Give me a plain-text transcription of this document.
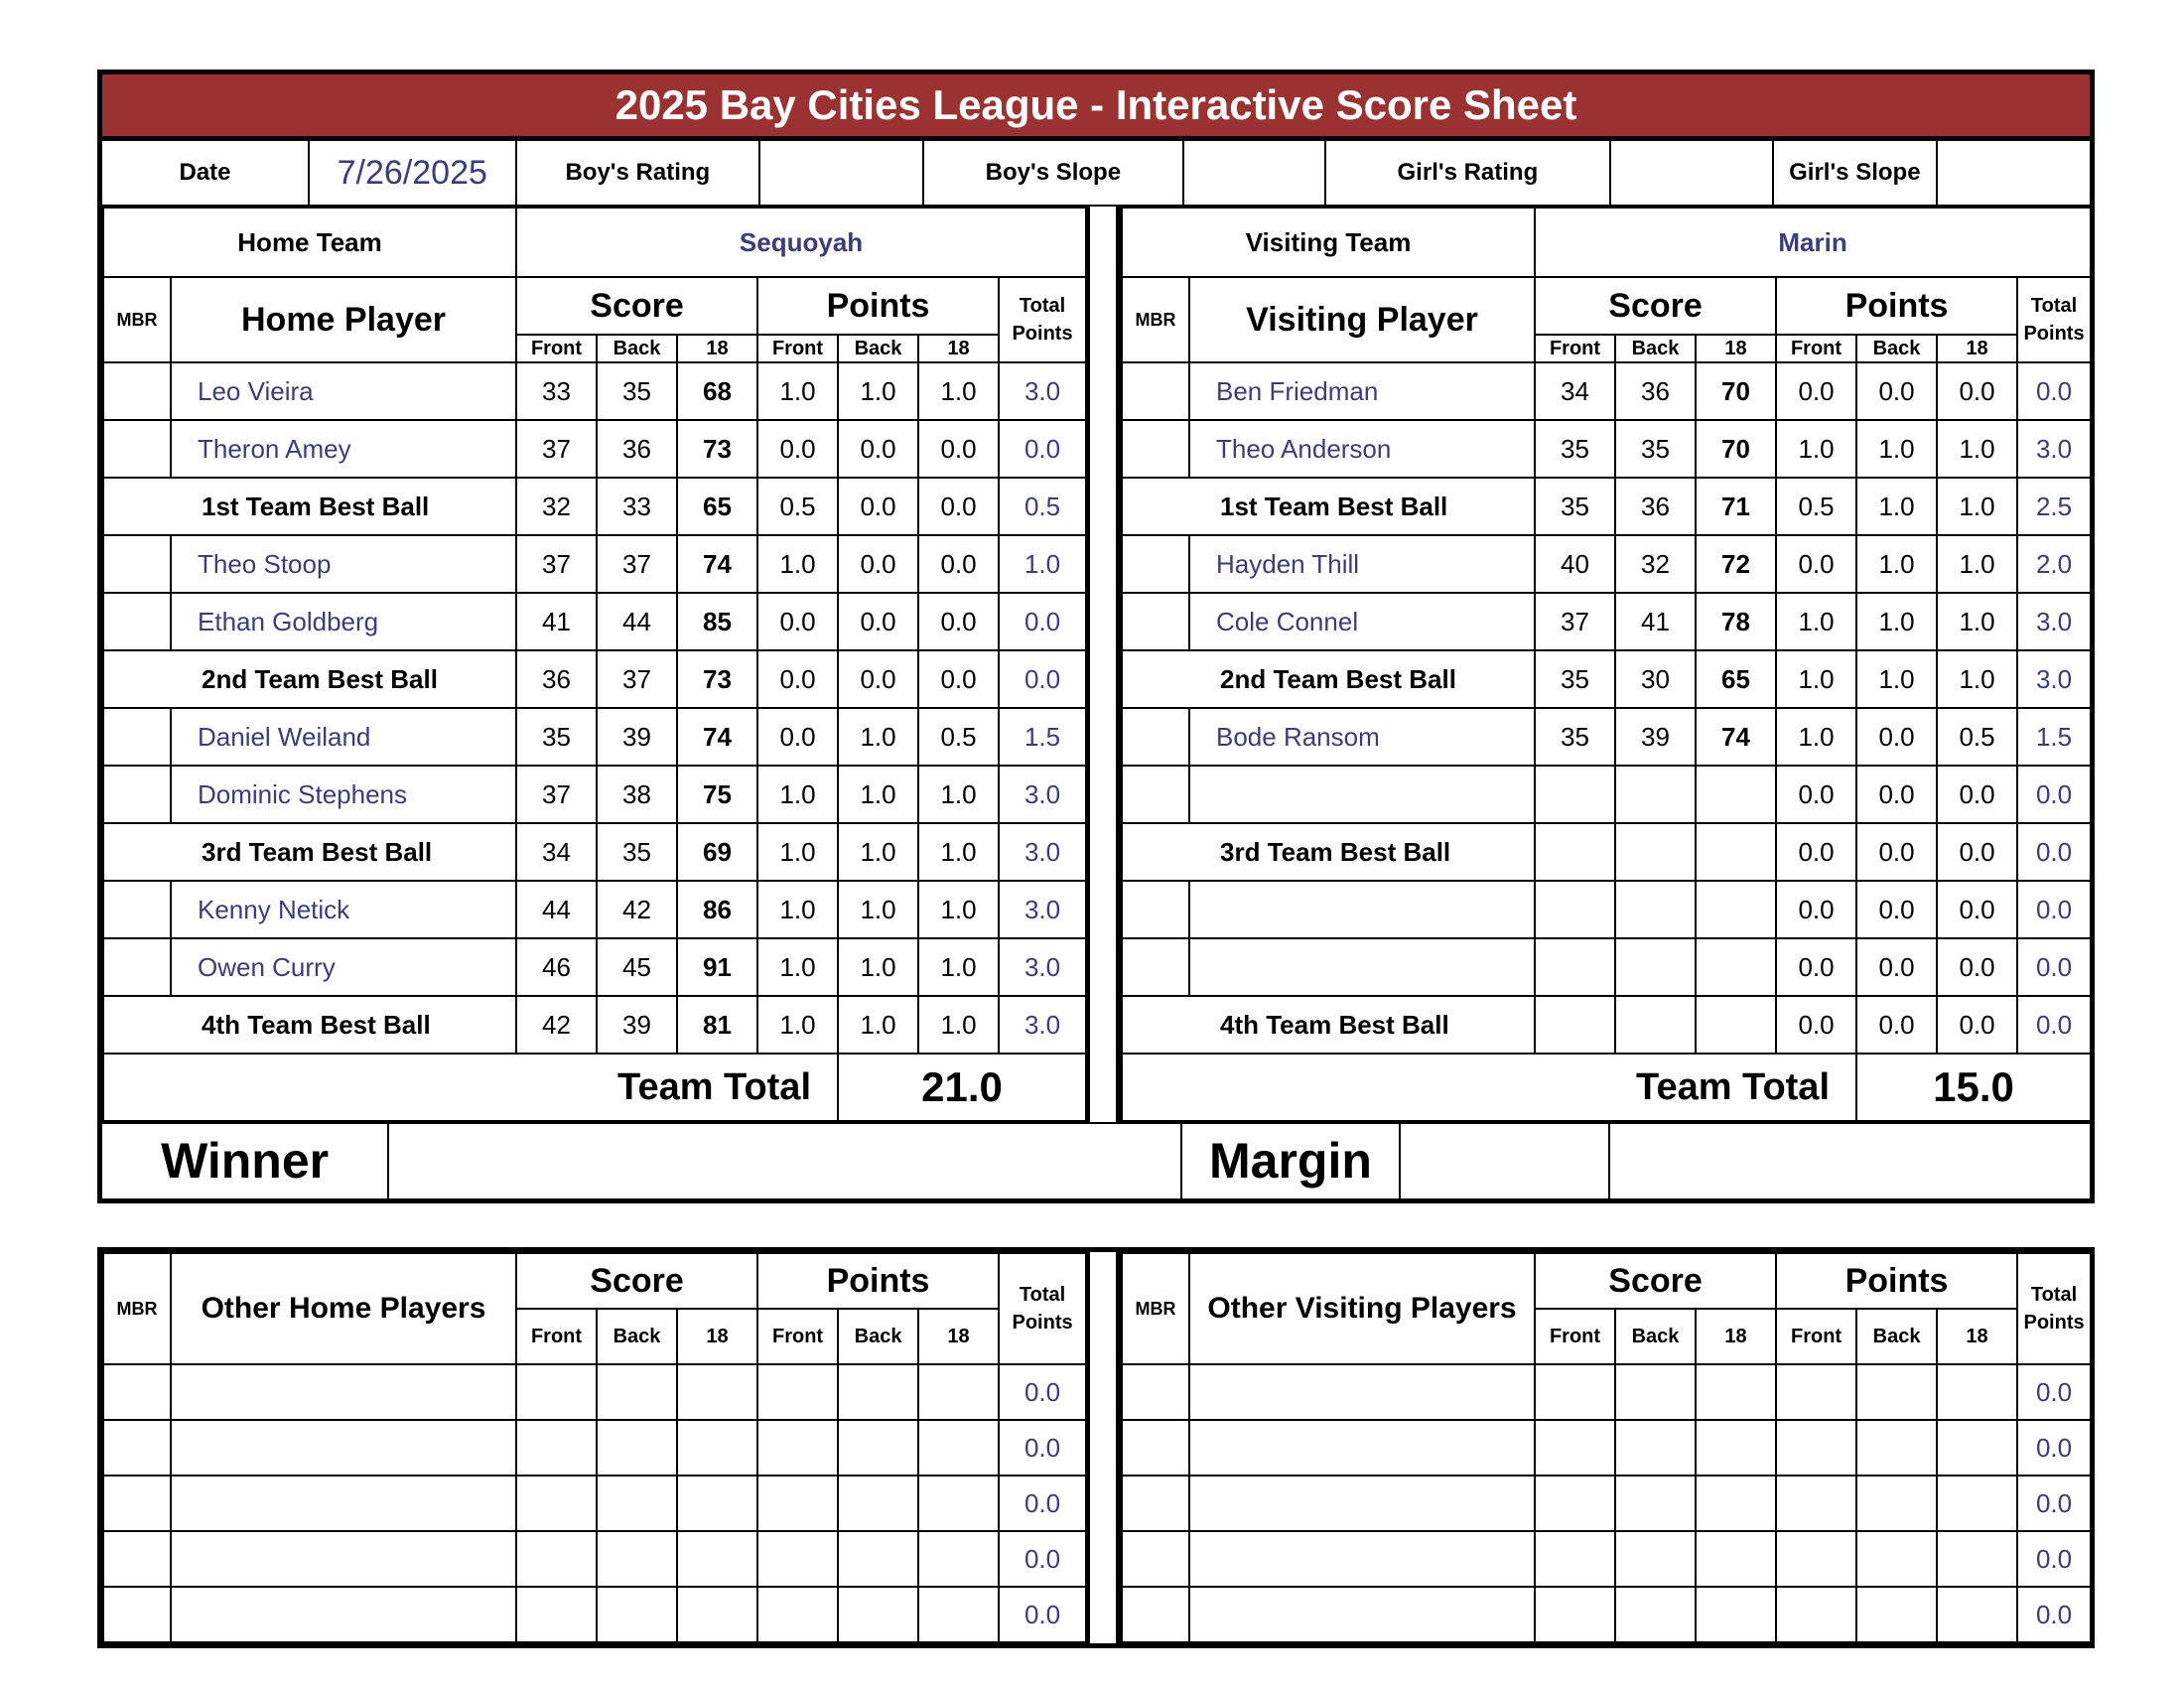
2025 Bay Cities League - Interactive Score Sheet
Date	7/26/2025	Boy's Rating		Boy's Slope		Girl's Rating		Girl's Slope	
Home Team		Sequoyah						
MBR	Home Player	Score			Points			Total Points
		Front	Back	18	Front	Back	18	
	Leo Vieira	33	35	68	1.0	1.0	1.0	3.0
	Theron Amey	37	36	73	0.0	0.0	0.0	0.0
1st Team Best Ball		32	33	65	0.5	0.0	0.0	0.5
	Theo Stoop	37	37	74	1.0	0.0	0.0	1.0
	Ethan Goldberg	41	44	85	0.0	0.0	0.0	0.0
2nd Team Best Ball		36	37	73	0.0	0.0	0.0	0.0
	Daniel Weiland	35	39	74	0.0	1.0	0.5	1.5
	Dominic Stephens	37	38	75	1.0	1.0	1.0	3.0
3rd Team Best Ball		34	35	69	1.0	1.0	1.0	3.0
	Kenny Netick	44	42	86	1.0	1.0	1.0	3.0
	Owen Curry	46	45	91	1.0	1.0	1.0	3.0
4th Team Best Ball		42	39	81	1.0	1.0	1.0	3.0
Team Total						21.0		
Visiting Team		Marin						
MBR	Visiting Player	Score			Points			Total Points
		Front	Back	18	Front	Back	18	
	Ben Friedman	34	36	70	0.0	0.0	0.0	0.0
	Theo Anderson	35	35	70	1.0	1.0	1.0	3.0
1st Team Best Ball		35	36	71	0.5	1.0	1.0	2.5
	Hayden Thill	40	32	72	0.0	1.0	1.0	2.0
	Cole Connel	37	41	78	1.0	1.0	1.0	3.0
2nd Team Best Ball		35	30	65	1.0	1.0	1.0	3.0
	Bode Ransom	35	39	74	1.0	0.0	0.5	1.5
					0.0	0.0	0.0	0.0
3rd Team Best Ball					0.0	0.0	0.0	0.0
					0.0	0.0	0.0	0.0
					0.0	0.0	0.0	0.0
4th Team Best Ball					0.0	0.0	0.0	0.0
Team Total						15.0		
Winner		Margin		
MBR	Other Home Players	Score			Points			Total Points
		Front	Back	18	Front	Back	18	
								0.0
								0.0
								0.0
								0.0
								0.0
MBR	Other Visiting Players	Score			Points			Total Points
		Front	Back	18	Front	Back	18	
								0.0
								0.0
								0.0
								0.0
								0.0
